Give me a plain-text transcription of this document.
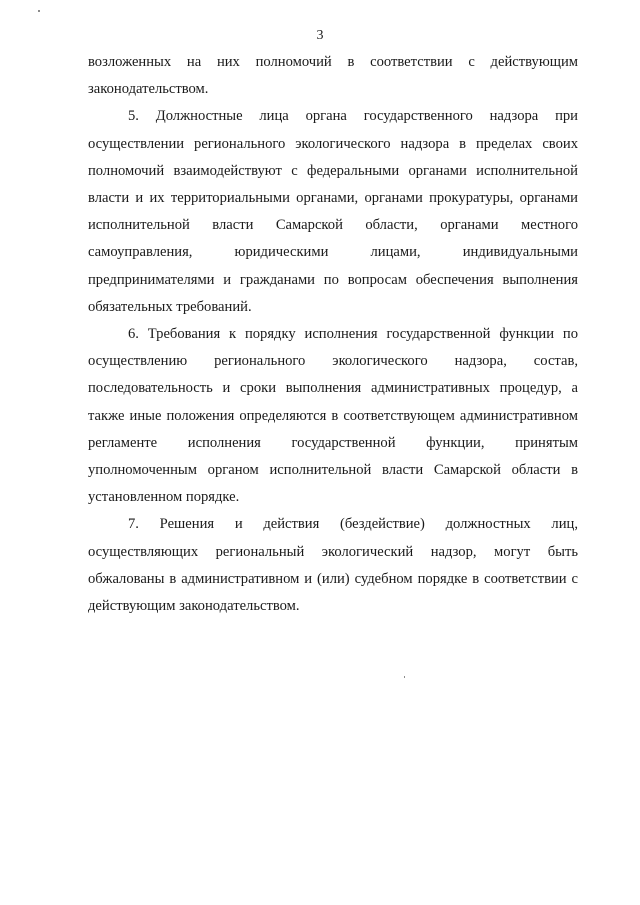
3

возложенных на них полномочий в соответствии с действующим законодательством.

5. Должностные лица органа государственного надзора при осуществлении регионального экологического надзора в пределах своих полномочий взаимодействуют с федеральными органами исполнительной власти и их территориальными органами, органами прокуратуры, органами исполнительной власти Самарской области, органами местного самоуправления, юридическими лицами, индивидуальными предпринимателями и гражданами по вопросам обеспечения выполнения обязательных требований.

6. Требования к порядку исполнения государственной функции по осуществлению регионального экологического надзора, состав, последовательность и сроки выполнения административных процедур, а также иные положения определяются в соответствующем административном регламенте исполнения государственной функции, принятым уполномоченным органом исполнительной власти Самарской области в установленном порядке.

7. Решения и действия (бездействие) должностных лиц, осуществляющих региональный экологический надзор, могут быть обжалованы в административном и (или) судебном порядке в соответствии с действующим законодательством.
